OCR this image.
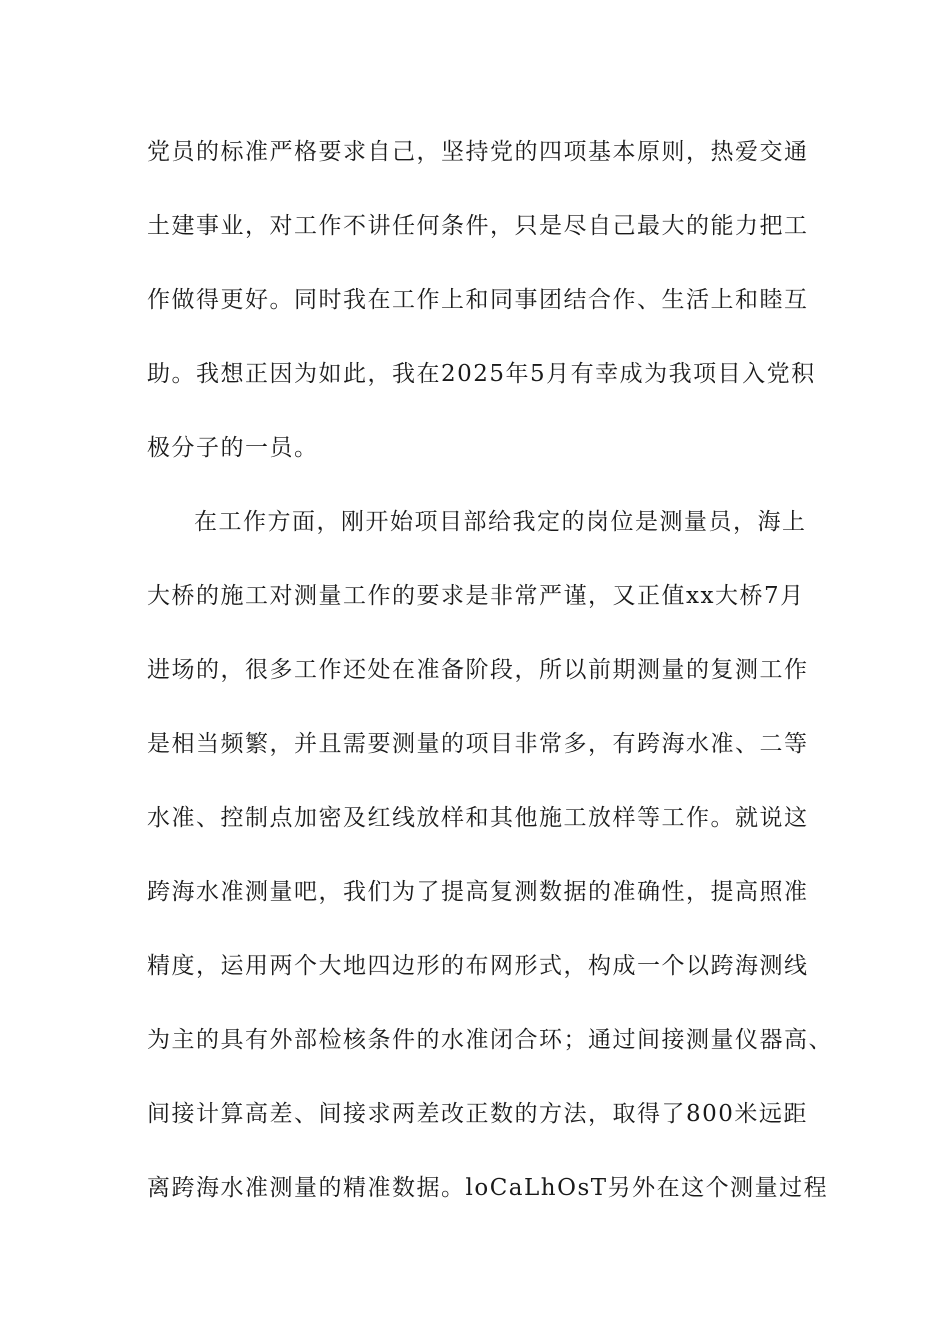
党员的标准严格要求自己，坚持党的四项基本原则，热爱交通
土建事业，对工作不讲任何条件，只是尽自己最大的能力把工
作做得更好。同时我在工作上和同事团结合作、生活上和睦互
助。我想正因为如此，我在2025年5月有幸成为我项目入党积
极分子的一员。
在工作方面，刚开始项目部给我定的岗位是测量员，海上
大桥的施工对测量工作的要求是非常严谨，又正值xx大桥7月
进场的，很多工作还处在准备阶段，所以前期测量的复测工作
是相当频繁，并且需要测量的项目非常多，有跨海水准、二等
水准、控制点加密及红线放样和其他施工放样等工作。就说这
跨海水准测量吧，我们为了提高复测数据的准确性，提高照准
精度，运用两个大地四边形的布网形式，构成一个以跨海测线
为主的具有外部检核条件的水准闭合环；通过间接测量仪器高、
间接计算高差、间接求两差改正数的方法，取得了800米远距
离跨海水准测量的精准数据。loCaLhOsT另外在这个测量过程
